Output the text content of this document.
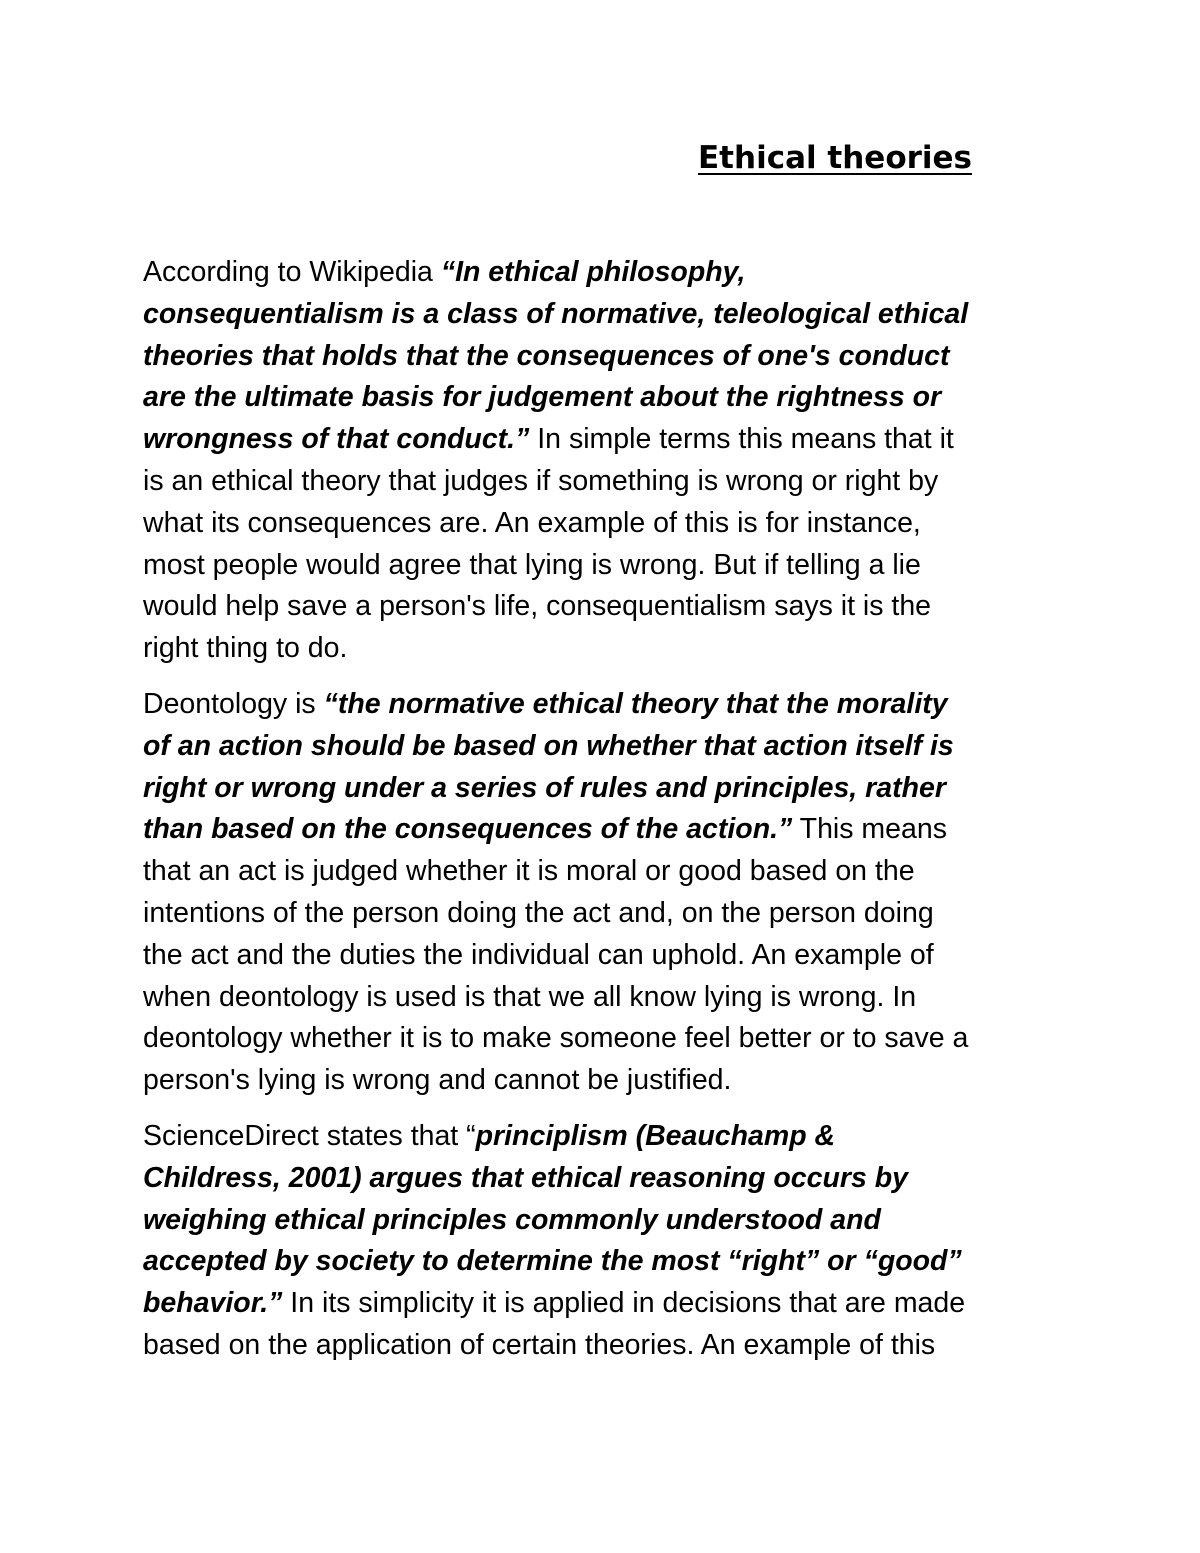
Ethical theories

According to Wikipedia “In ethical philosophy,
consequentialism is a class of normative, teleological ethical
theories that holds that the consequences of one's conduct
are the ultimate basis for judgement about the rightness or
wrongness of that conduct.” In simple terms this means that it
is an ethical theory that judges if something is wrong or right by
what its consequences are. An example of this is for instance,
most people would agree that lying is wrong. But if telling a lie
would help save a person's life, consequentialism says it is the
right thing to do.

Deontology is “the normative ethical theory that the morality
of an action should be based on whether that action itself is
right or wrong under a series of rules and principles, rather
than based on the consequences of the action.” This means
that an act is judged whether it is moral or good based on the
intentions of the person doing the act and, on the person doing
the act and the duties the individual can uphold. An example of
when deontology is used is that we all know lying is wrong. In
deontology whether it is to make someone feel better or to save a
person's lying is wrong and cannot be justified.

ScienceDirect states that “principlism (Beauchamp &
Childress, 2001) argues that ethical reasoning occurs by
weighing ethical principles commonly understood and
accepted by society to determine the most “right” or “good”
behavior.” In its simplicity it is applied in decisions that are made
based on the application of certain theories. An example of this
